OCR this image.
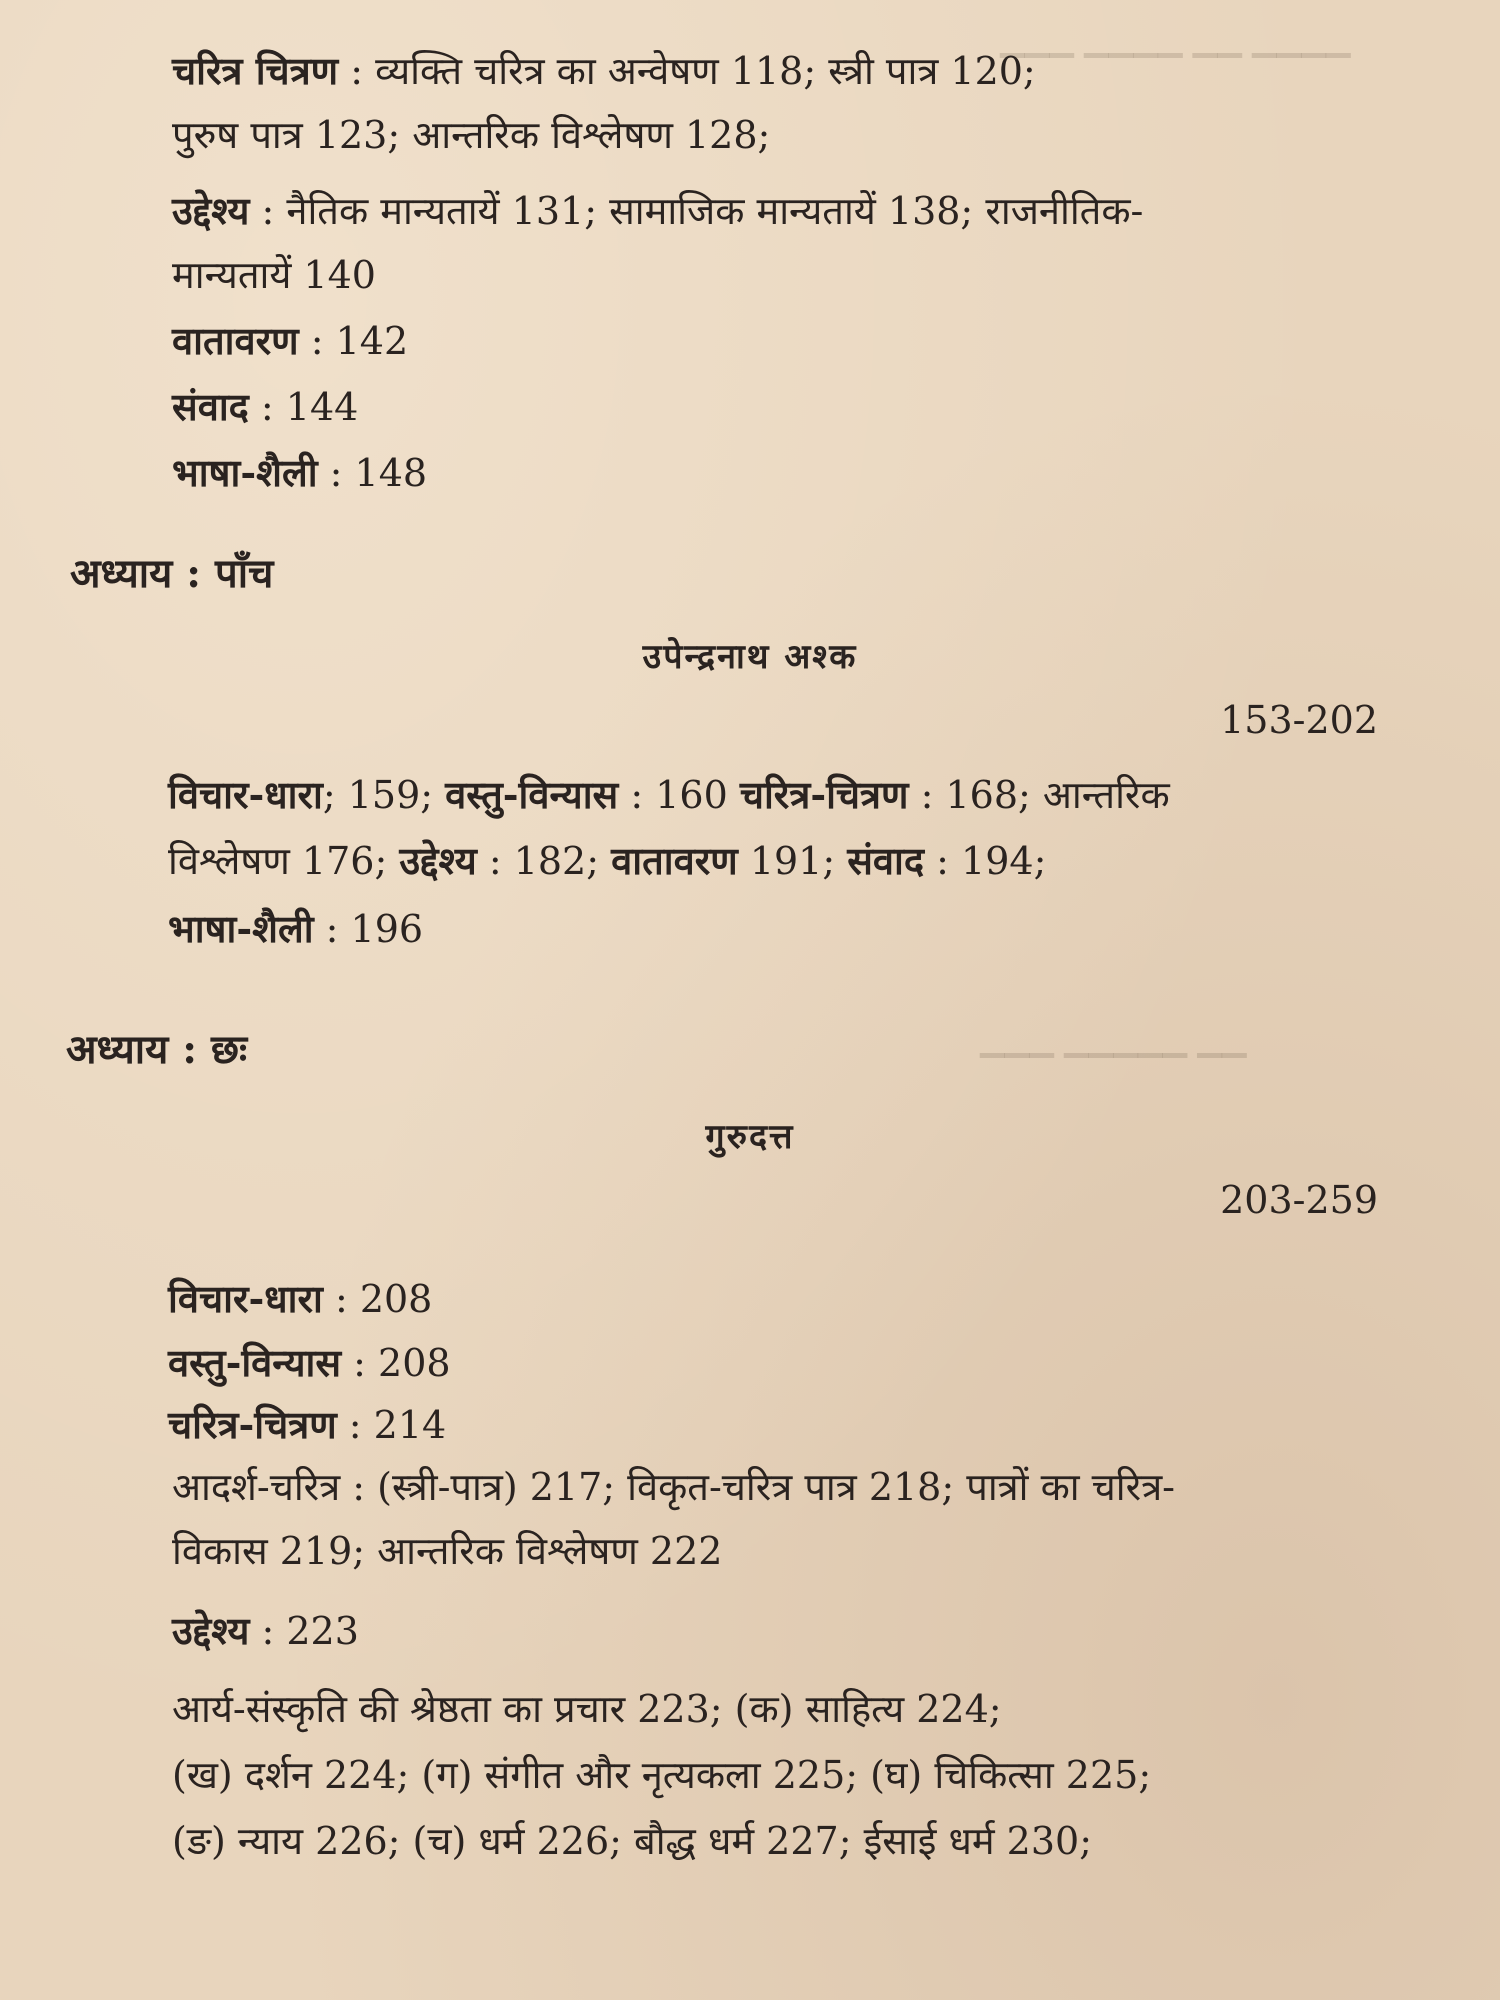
▁▁▁ ▁▁▁▁ ▁▁ ▁▁▁▁
▁▁▁ ▁▁▁▁▁ ▁▁
चरित्र चित्रण : व्यक्ति चरित्र का अन्वेषण 118; स्त्री पात्र 120;
पुरुष पात्र 123; आन्तरिक विश्लेषण 128;
उद्देश्य : नैतिक मान्यतायें 131; सामाजिक मान्यतायें 138; राजनीतिक-
मान्यतायें 140
वातावरण : 142
संवाद : 144
भाषा-शैली : 148
अध्याय : पाँच
उपेन्द्रनाथ अश्क
153-202
विचार-धारा; 159; वस्तु-विन्यास : 160 चरित्र-चित्रण : 168; आन्तरिक
विश्लेषण 176; उद्देश्य : 182; वातावरण 191; संवाद : 194;
भाषा-शैली : 196
अध्याय : छः
गुरुदत्त
203-259
विचार-धारा : 208
वस्तु-विन्यास : 208
चरित्र-चित्रण : 214
आदर्श-चरित्र : (स्त्री-पात्र) 217; विकृत-चरित्र पात्र 218; पात्रों का चरित्र-
विकास 219; आन्तरिक विश्लेषण 222
उद्देश्य : 223
आर्य-संस्कृति की श्रेष्ठता का प्रचार 223; (क) साहित्य 224;
(ख) दर्शन 224; (ग) संगीत और नृत्यकला 225; (घ) चिकित्सा 225;
(ङ) न्याय 226; (च) धर्म 226; बौद्ध धर्म 227; ईसाई धर्म 230;
